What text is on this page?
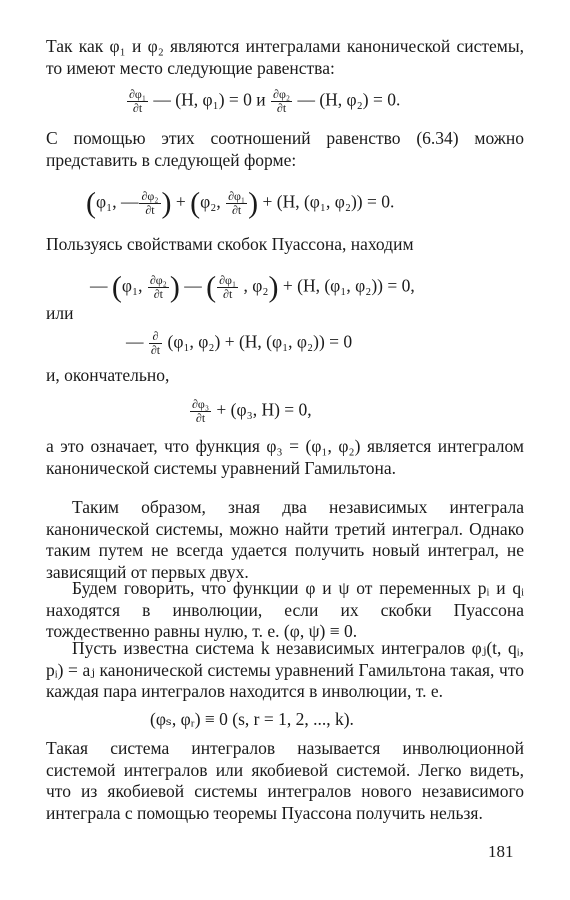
Так как φ₁ и φ₂ являются интегралами канонической системы, то имеют место следующие равенства:
$\frac{\text{∂φ₁}}{\partial t}$ — (H, φ₁) = 0 и $\frac{\text{∂φ₂}}{\partial t}$ — (H, φ₂) = 0.
С помощью этих соотношений равенство (6.34) можно представить в следующей форме:
(φ₁, — $\frac{\text{∂φ₂}}{\partial t}$ ) + (φ₂, $\frac{\text{∂φ₁}}{\partial t}$ ) + (H, (φ₁, φ₂)) = 0.
Пользуясь свойствами скобок Пуассона, находим
— (φ₁, $\frac{\text{∂φ₂}}{\partial t}$ ) — ( $\frac{\text{∂φ₁}}{\partial t}$ , φ₂) + (H, (φ₁, φ₂)) = 0,
или
— $\frac{\partial}{\partial t} (\varphi_1$, φ₂) + (H, (φ₁, φ₂)) = 0
и, окончательно,
$\frac{\text{∂φ₃}}{\partial t} + (\varphi_3$, H) = 0,
а это означает, что функция φ₃ = (φ₁, φ₂) является интегралом канонической системы уравнений Гамильтона.
Таким образом, зная два независимых интеграла канонической системы, можно найти третий интеграл. Однако таким путем не всегда удается получить новый интеграл, не зависящий от первых двух.
Будем говорить, что функции φ и ψ от переменных pᵢ и qᵢ находятся в инволюции, если их скобки Пуассона тождественно равны нулю, т. е. (φ, ψ) ≡ 0.
Пусть известна система k независимых интегралов φⱼ(t, qᵢ, pᵢ) = aⱼ канонической системы уравнений Гамильтона такая, что каждая пара интегралов находится в инволюции, т. е.
(φₛ, φᵣ) ≡ 0 (s, r = 1, 2, ..., k).
Такая система интегралов называется инволюционной системой интегралов или якобиевой системой. Легко видеть, что из якобиевой системы интегралов нового независимого интеграла с помощью теоремы Пуассона получить нельзя.
181
